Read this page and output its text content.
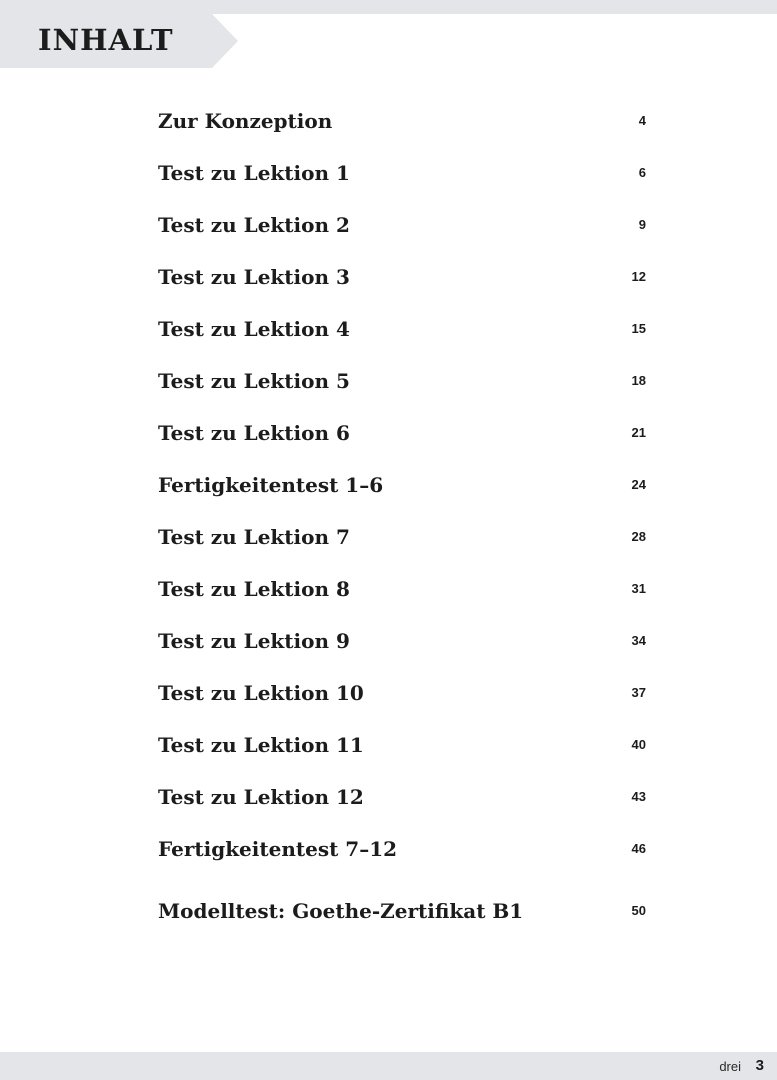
INHALT
Zur Konzeption	4
Test zu Lektion 1	6
Test zu Lektion 2	9
Test zu Lektion 3	12
Test zu Lektion 4	15
Test zu Lektion 5	18
Test zu Lektion 6	21
Fertigkeitentest 1–6	24
Test zu Lektion 7	28
Test zu Lektion 8	31
Test zu Lektion 9	34
Test zu Lektion 10	37
Test zu Lektion 11	40
Test zu Lektion 12	43
Fertigkeitentest 7–12	46
Modelltest: Goethe-Zertifikat B1	50
drei 3
